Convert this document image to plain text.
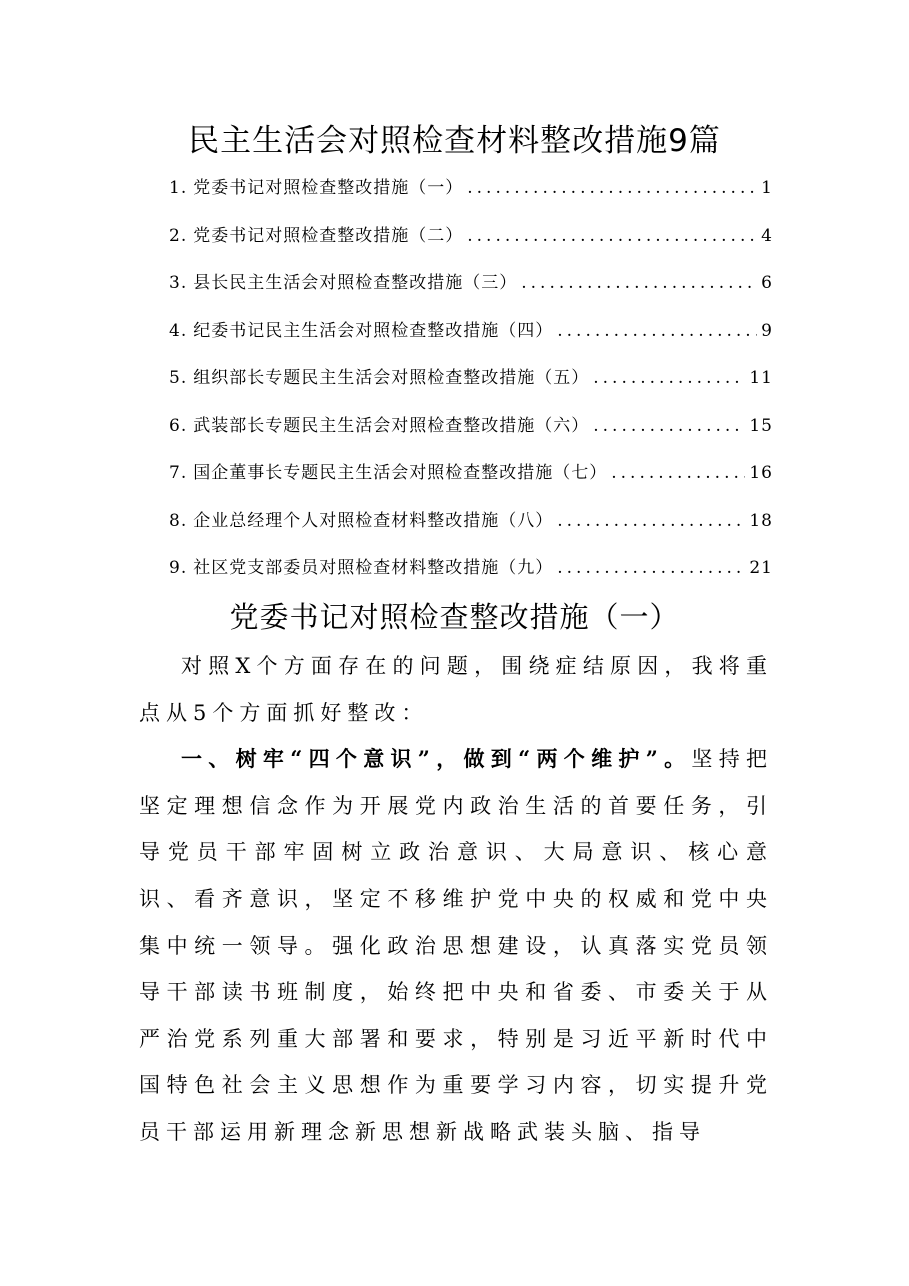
民主生活会对照检查材料整改措施9篇
1. 党委书记对照检查整改措施（一） .....	1
2. 党委书记对照检查整改措施（二） .....	4
3. 县长民主生活会对照检查整改措施（三） .....	6
4. 纪委书记民主生活会对照检查整改措施（四） .....	9
5. 组织部长专题民主生活会对照检查整改措施（五） .....	11
6. 武装部长专题民主生活会对照检查整改措施（六） .....	15
7. 国企董事长专题民主生活会对照检查整改措施（七） .....	16
8. 企业总经理个人对照检查材料整改措施（八） .....	18
9. 社区党支部委员对照检查材料整改措施（九） .....	21
党委书记对照检查整改措施（一）

对照X个方面存在的问题，围绕症结原因，我将重点从5个方面抓好整改：

一、树牢“四个意识”，做到“两个维护”。坚持把坚定理想信念作为开展党内政治生活的首要任务，引导党员干部牢固树立政治意识、大局意识、核心意识、看齐意识，坚定不移维护党中央的权威和党中央集中统一领导。强化政治思想建设，认真落实党员领导干部读书班制度，始终把中央和省委、市委关于从严治党系列重大部署和要求，特别是习近平新时代中国特色社会主义思想作为重要学习内容，切实提升党员干部运用新理念新思想新战略武装头脑、指导
